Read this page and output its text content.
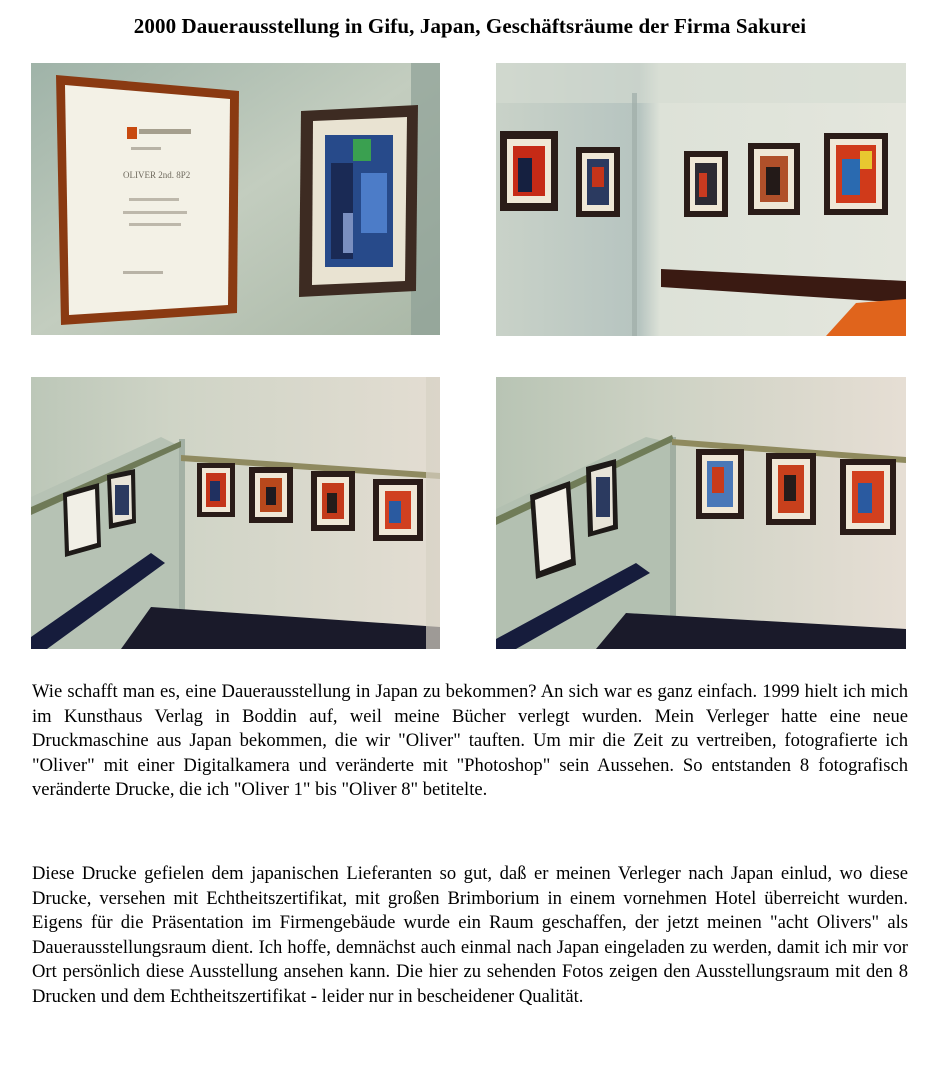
2000 Dauerausstellung in Gifu, Japan, Geschäftsräume der Firma Sakurei
OLIVER 2nd. 8P2

Wie schafft man es, eine Dauerausstellung in Japan zu bekommen? An sich war es ganz einfach. 1999 hielt ich mich im Kunsthaus Verlag in Boddin auf, weil meine Bücher verlegt wurden. Mein Verleger hatte eine neue Druckmaschine aus Japan bekommen, die wir "Oliver" tauften. Um mir die Zeit zu vertreiben, fotografierte ich "Oliver" mit einer Digitalkamera und veränderte mit "Photoshop" sein Aussehen. So entstanden 8 fotografisch veränderte Drucke, die ich "Oliver 1" bis "Oliver 8" betitelte.

Diese Drucke gefielen dem japanischen Lieferanten so gut, daß er meinen Verleger nach Japan einlud, wo diese Drucke, versehen mit Echtheitszertifikat, mit großen Brimborium in einem vornehmen Hotel überreicht wurden. Eigens für die Präsentation im Firmengebäude wurde ein Raum geschaffen, der jetzt meinen "acht Olivers" als Dauerausstellungsraum dient. Ich hoffe, demnächst auch einmal nach Japan eingeladen zu werden, damit ich mir vor Ort persönlich diese Ausstellung ansehen kann. Die hier zu sehenden Fotos zeigen den Ausstellungsraum mit den 8 Drucken und dem Echtheitszertifikat - leider nur in bescheidener Qualität.
